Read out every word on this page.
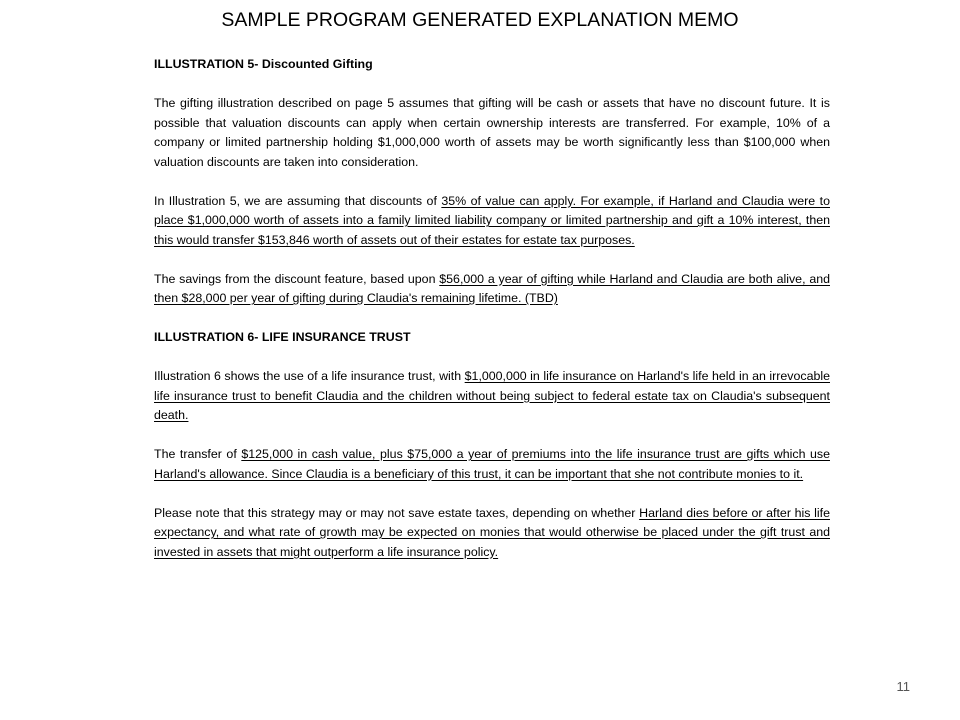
SAMPLE PROGRAM GENERATED EXPLANATION MEMO

ILLUSTRATION 5- Discounted Gifting

The gifting illustration described on page 5 assumes that gifting will be cash or assets that have no discount future. It is possible that valuation discounts can apply when certain ownership interests are transferred. For example, 10% of a company or limited partnership holding $1,000,000 worth of assets may be worth significantly less than $100,000 when valuation discounts are taken into consideration.

In Illustration 5, we are assuming that discounts of 35% of value can apply. For example, if Harland and Claudia were to place $1,000,000 worth of assets into a family limited liability company or limited partnership and gift a 10% interest, then this would transfer $153,846 worth of assets out of their estates for estate tax purposes.

The savings from the discount feature, based upon $56,000 a year of gifting while Harland and Claudia are both alive, and then $28,000 per year of gifting during Claudia's remaining lifetime. (TBD)

ILLUSTRATION 6- LIFE INSURANCE TRUST

Illustration 6 shows the use of a life insurance trust, with $1,000,000 in life insurance on Harland's life held in an irrevocable life insurance trust to benefit Claudia and the children without being subject to federal estate tax on Claudia's subsequent death.

The transfer of $125,000 in cash value, plus $75,000 a year of premiums into the life insurance trust are gifts which use Harland's allowance. Since Claudia is a beneficiary of this trust, it can be important that she not contribute monies to it.

Please note that this strategy may or may not save estate taxes, depending on whether Harland dies before or after his life expectancy, and what rate of growth may be expected on monies that would otherwise be placed under the gift trust and invested in assets that might outperform a life insurance policy.

11
